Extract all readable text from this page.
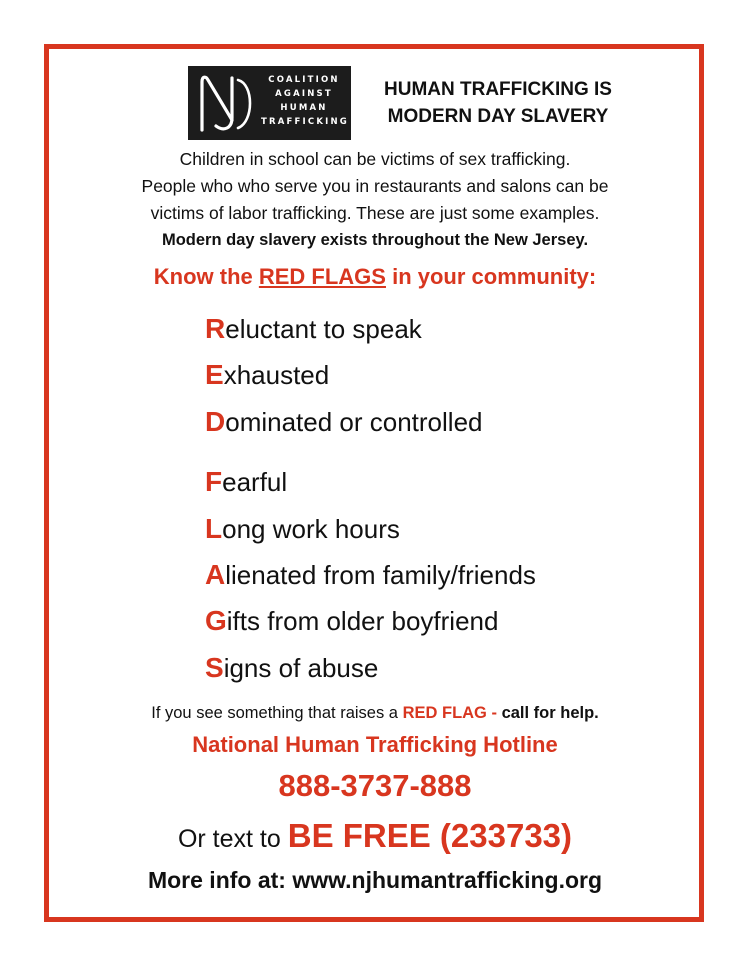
COALITION
AGAINST
HUMAN
TRAFFICKING
HUMAN TRAFFICKING IS
MODERN DAY SLAVERY
Children in school can be victims of sex trafficking.
People who who serve you in restaurants and salons can be
victims of labor trafficking. These are just some examples.
Modern day slavery exists throughout the New Jersey.
Know the RED FLAGS in your community:
Reluctant to speak
Exhausted
Dominated or controlled
Fearful
Long work hours
Alienated from family/friends
Gifts from older boyfriend
Signs of abuse
If you see something that raises a RED FLAG - call for help.
National Human Trafficking Hotline
888-3737-888
Or text to BE FREE (233733)
More info at: www.njhumantrafficking.org
